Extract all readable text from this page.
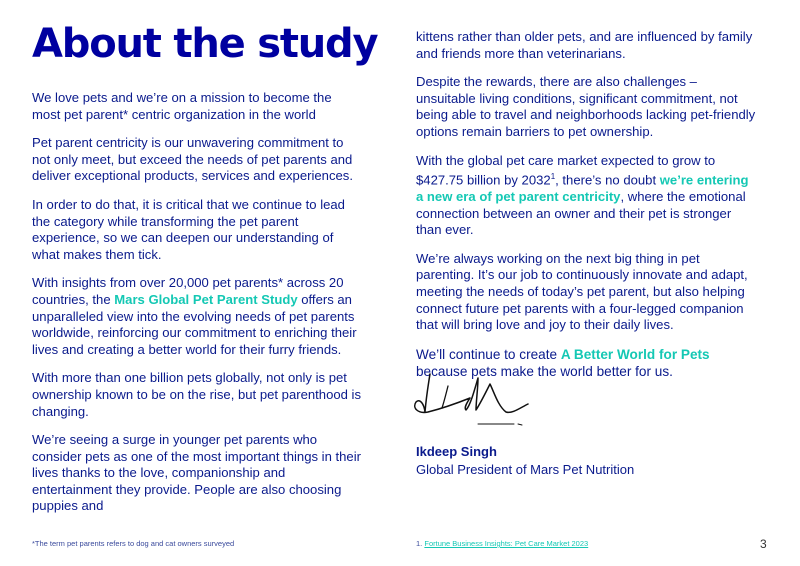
About the study

We love pets and we’re on a mission to become the most pet parent* centric organization in the world

Pet parent centricity is our unwavering commitment to not only meet, but exceed the needs of pet parents and deliver exceptional products, services and experiences.

In order to do that, it is critical that we continue to lead the category while transforming the pet parent experience, so we can deepen our understanding of what makes them tick.

With insights from over 20,000 pet parents* across 20 countries, the Mars Global Pet Parent Study offers an unparalleled view into the evolving needs of pet parents worldwide, reinforcing our commitment to enriching their lives and creating a better world for their furry friends.

With more than one billion pets globally, not only is pet ownership known to be on the rise, but pet parenthood is changing.

We’re seeing a surge in younger pet parents who consider pets as one of the most important things in their lives thanks to the love, companionship and entertainment they provide. People are also choosing puppies and

kittens rather than older pets, and are influenced by family and friends more than veterinarians.

Despite the rewards, there are also challenges – unsuitable living conditions, significant commitment, not being able to travel and neighborhoods lacking pet-friendly options remain barriers to pet ownership.

With the global pet care market expected to grow to $427.75 billion by 2032$^1$, there’s no doubt we’re entering a new era of pet parent centricity, where the emotional connection between an owner and their pet is stronger than ever.

We’re always working on the next big thing in pet parenting. It’s our job to continuously innovate and adapt, meeting the needs of today’s pet parent, but also helping connect future pet parents with a four-legged companion that will bring love and joy to their daily lives.

We’ll continue to create A Better World for Pets because pets make the world better for us.

Ikdeep Singh
Global President of Mars Pet Nutrition
*The term pet parents refers to dog and cat owners surveyed	1. Fortune Business Insights: Pet Care Market 2023	3
